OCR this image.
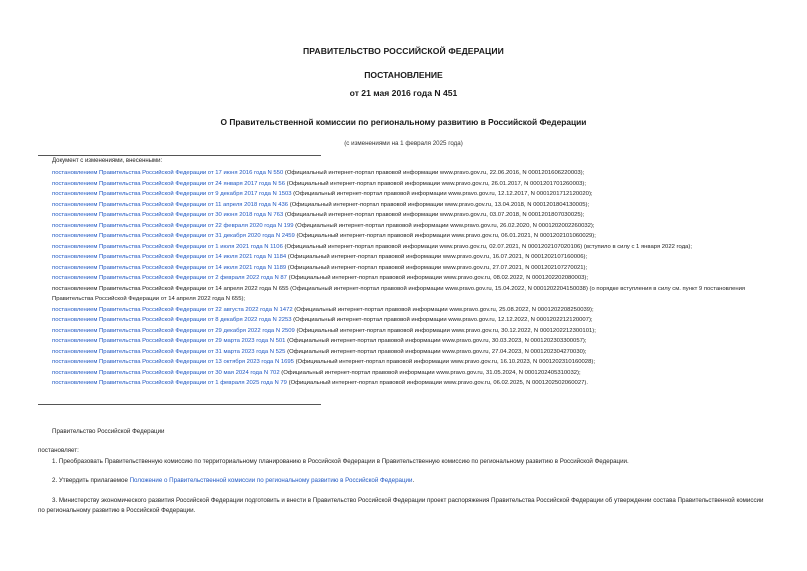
ПРАВИТЕЛЬСТВО РОССИЙСКОЙ ФЕДЕРАЦИИ
ПОСТАНОВЛЕНИЕ
от 21 мая 2016 года N 451
О Правительственной комиссии по региональному развитию в Российской Федерации
(с изменениями на 1 февраля 2025 года)
Документ с изменениями, внесенными:
постановлением Правительства Российской Федерации от 17 июня 2016 года N 550 (Официальный интернет-портал правовой информации www.pravo.gov.ru, 22.06.2016, N 0001201606220003);
постановлением Правительства Российской Федерации от 24 января 2017 года N 56 (Официальный интернет-портал правовой информации www.pravo.gov.ru, 26.01.2017, N 0001201701260003);
постановлением Правительства Российской Федерации от 9 декабря 2017 года N 1503 (Официальный интернет-портал правовой информации www.pravo.gov.ru, 12.12.2017, N 0001201712120020);
постановлением Правительства Российской Федерации от 11 апреля 2018 года N 436 (Официальный интернет-портал правовой информации www.pravo.gov.ru, 13.04.2018, N 0001201804130005);
постановлением Правительства Российской Федерации от 30 июня 2018 года N 763 (Официальный интернет-портал правовой информации www.pravo.gov.ru, 03.07.2018, N 0001201807030025);
постановлением Правительства Российской Федерации от 22 февраля 2020 года N 199 (Официальный интернет-портал правовой информации www.pravo.gov.ru, 26.02.2020, N 0001202002260032);
постановлением Правительства Российской Федерации от 31 декабря 2020 года N 2459 (Официальный интернет-портал правовой информации www.pravo.gov.ru, 06.01.2021, N 0001202101060029);
постановлением Правительства Российской Федерации от 1 июля 2021 года N 1106 (Официальный интернет-портал правовой информации www.pravo.gov.ru, 02.07.2021, N 0001202107020106) (вступило в силу с 1 января 2022 года);
постановлением Правительства Российской Федерации от 14 июля 2021 года N 1184 (Официальный интернет-портал правовой информации www.pravo.gov.ru, 16.07.2021, N 0001202107160006);
постановлением Правительства Российской Федерации от 14 июля 2021 года N 1189 (Официальный интернет-портал правовой информации www.pravo.gov.ru, 27.07.2021, N 0001202107270021);
постановлением Правительства Российской Федерации от 2 февраля 2022 года N 87 (Официальный интернет-портал правовой информации www.pravo.gov.ru, 08.02.2022, N 0001202202080003);
постановлением Правительства Российской Федерации от 14 апреля 2022 года N 655 (Официальный интернет-портал правовой информации www.pravo.gov.ru, 15.04.2022, N 0001202204150038) (о порядке вступления в силу см. пункт 9 постановления Правительства Российской Федерации от 14 апреля 2022 года N 655);
постановлением Правительства Российской Федерации от 22 августа 2022 года N 1472 (Официальный интернет-портал правовой информации www.pravo.gov.ru, 25.08.2022, N 0001202208250039);
постановлением Правительства Российской Федерации от 8 декабря 2022 года N 2253 (Официальный интернет-портал правовой информации www.pravo.gov.ru, 12.12.2022, N 0001202212120007);
постановлением Правительства Российской Федерации от 29 декабря 2022 года N 2509 (Официальный интернет-портал правовой информации www.pravo.gov.ru, 30.12.2022, N 0001202212300101);
постановлением Правительства Российской Федерации от 29 марта 2023 года N 501 (Официальный интернет-портал правовой информации www.pravo.gov.ru, 30.03.2023, N 0001202303300057);
постановлением Правительства Российской Федерации от 31 марта 2023 года N 525 (Официальный интернет-портал правовой информации www.pravo.gov.ru, 27.04.2023, N 0001202304270030);
постановлением Правительства Российской Федерации от 13 октября 2023 года N 1695 (Официальный интернет-портал правовой информации www.pravo.gov.ru, 16.10.2023, N 0001202310160028);
постановлением Правительства Российской Федерации от 30 мая 2024 года N 702 (Официальный интернет-портал правовой информации www.pravo.gov.ru, 31.05.2024, N 0001202405310032);
постановлением Правительства Российской Федерации от 1 февраля 2025 года N 79 (Официальный интернет-портал правовой информации www.pravo.gov.ru, 06.02.2025, N 0001202502060027).
Правительство Российской Федерации
постановляет:
1. Преобразовать Правительственную комиссию по территориальному планированию в Российской Федерации в Правительственную комиссию по региональному развитию в Российской Федерации.
2. Утвердить прилагаемое Положение о Правительственной комиссии по региональному развитию в Российской Федерации.
3. Министерству экономического развития Российской Федерации подготовить и внести в Правительство Российской Федерации проект распоряжения Правительства Российской Федерации об утверждении состава Правительственной комиссии по региональному развитию в Российской Федерации.
